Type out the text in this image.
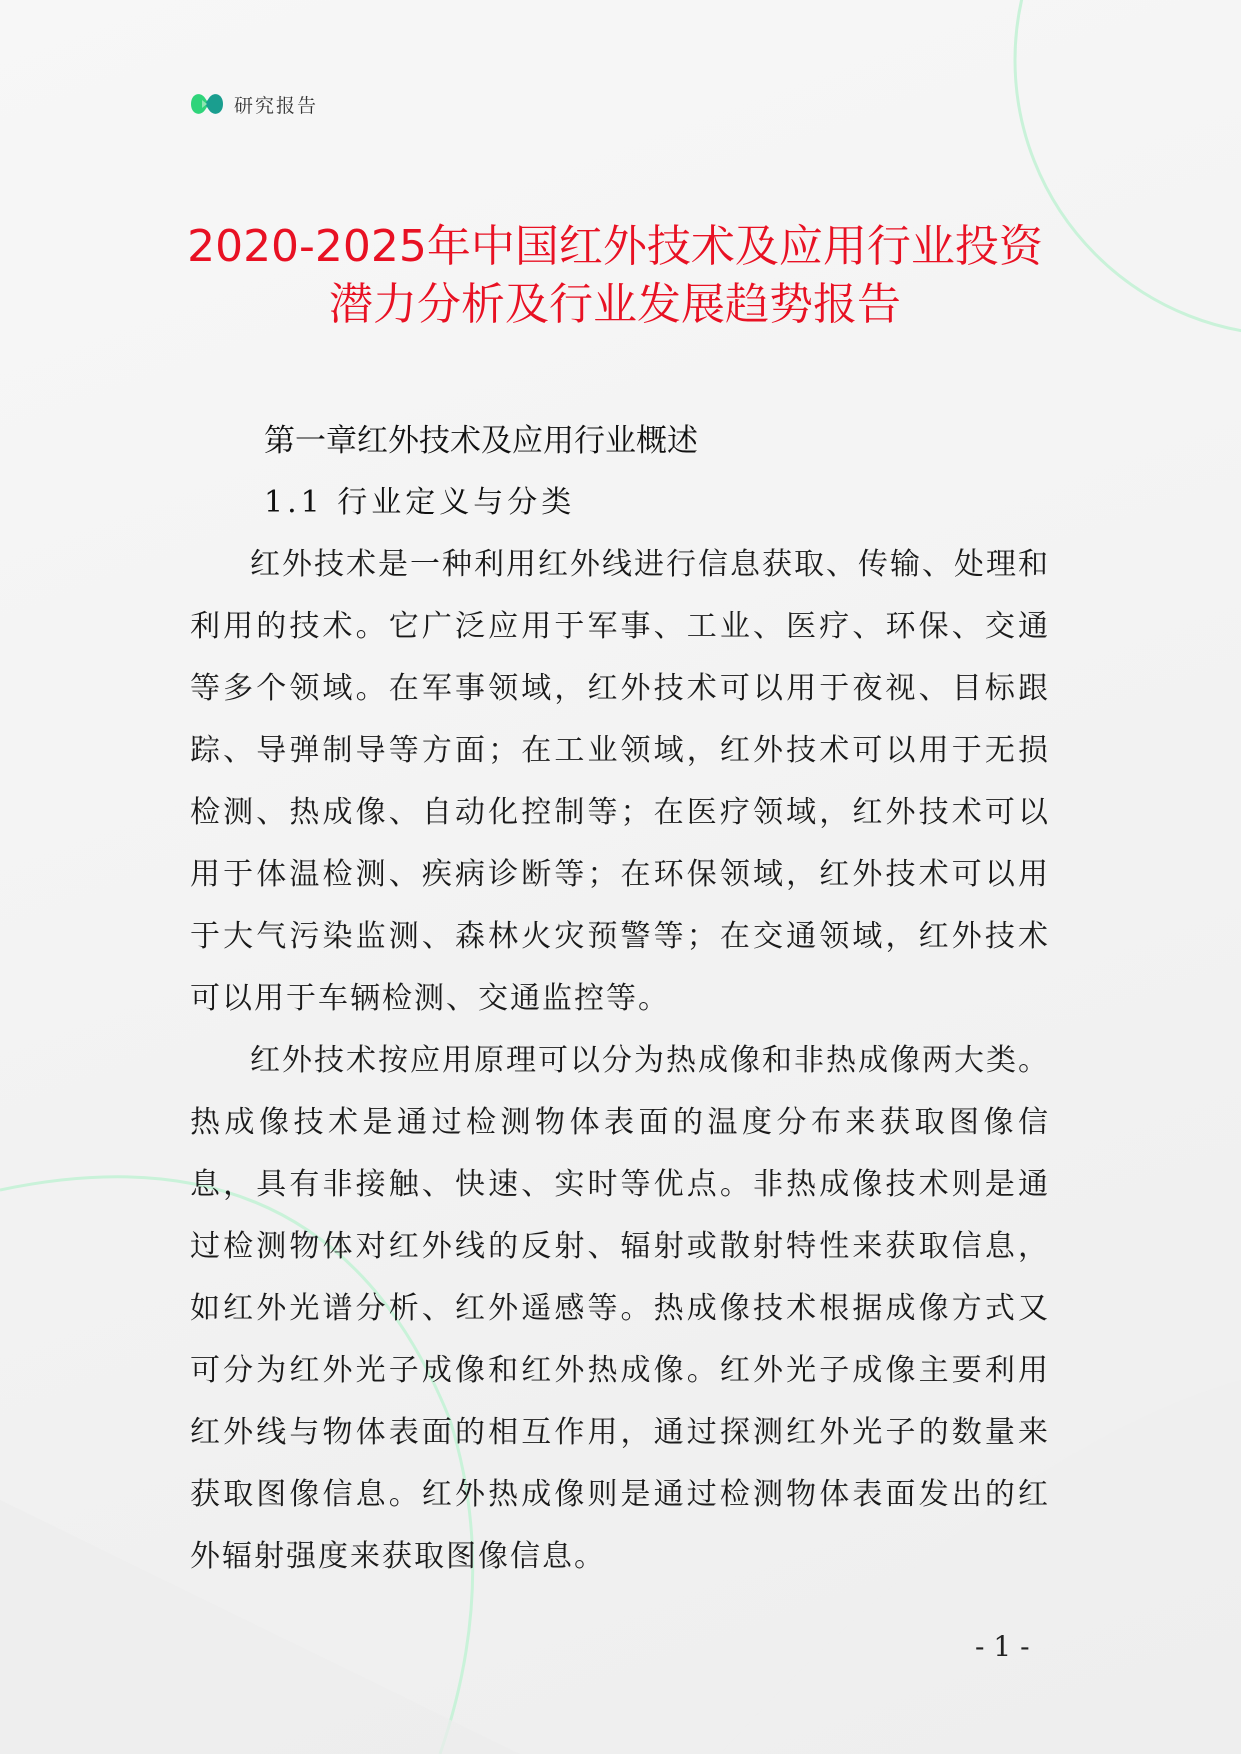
研究报告
2020-2025年中国红外技术及应用行业投资
潜力分析及行业发展趋势报告
第一章红外技术及应用行业概述
1.1 行业定义与分类

红外技术是一种利用红外线进行信息获取、传输、处理和利用的技术。它广泛应用于军事、工业、医疗、环保、交通等多个领域。在军事领域，红外技术可以用于夜视、目标跟踪、导弹制导等方面；在工业领域，红外技术可以用于无损检测、热成像、自动化控制等；在医疗领域，红外技术可以用于体温检测、疾病诊断等；在环保领域，红外技术可以用于大气污染监测、森林火灾预警等；在交通领域，红外技术可以用于车辆检测、交通监控等。

红外技术按应用原理可以分为热成像和非热成像两大类。热成像技术是通过检测物体表面的温度分布来获取图像信息，具有非接触、快速、实时等优点。非热成像技术则是通过检测物体对红外线的反射、辐射或散射特性来获取信息，如红外光谱分析、红外遥感等。热成像技术根据成像方式又可分为红外光子成像和红外热成像。红外光子成像主要利用红外线与物体表面的相互作用，通过探测红外光子的数量来获取图像信息。红外热成像则是通过检测物体表面发出的红外辐射强度来获取图像信息。

- 1 -
